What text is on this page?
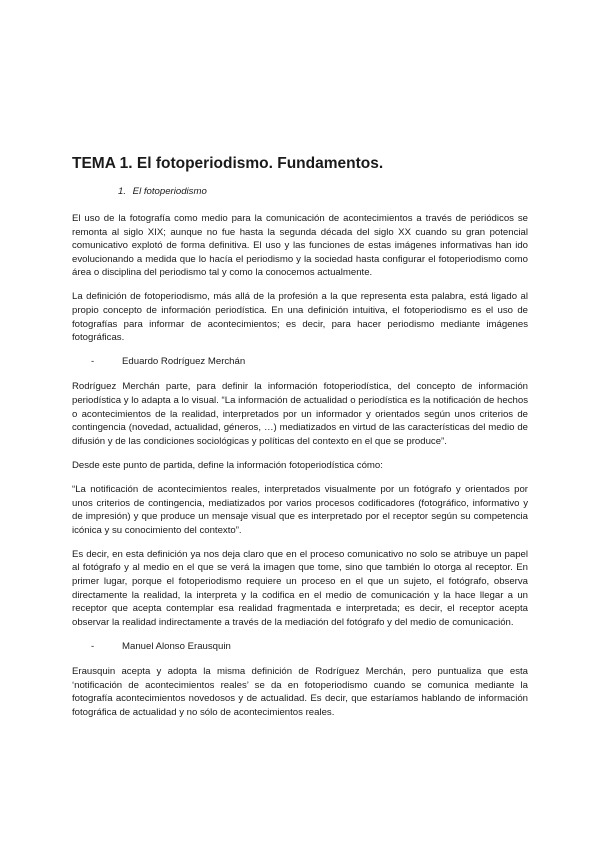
TEMA 1. El fotoperiodismo. Fundamentos.
1. El fotoperiodismo

El uso de la fotografía como medio para la comunicación de acontecimientos a través de periódicos se remonta al siglo XIX; aunque no fue hasta la segunda década del siglo XX cuando su gran potencial comunicativo explotó de forma definitiva. El uso y las funciones de estas imágenes informativas han ido evolucionando a medida que lo hacía el periodismo y la sociedad hasta configurar el fotoperiodismo como área o disciplina del periodismo tal y como la conocemos actualmente.

La definición de fotoperiodismo, más allá de la profesión a la que representa esta palabra, está ligado al propio concepto de información periodística. En una definición intuitiva, el fotoperiodismo es el uso de fotografías para informar de acontecimientos; es decir, para hacer periodismo mediante imágenes fotográficas.

-	Eduardo Rodríguez Merchán

Rodríguez Merchán parte, para definir la información fotoperiodística, del concepto de información periodística y lo adapta a lo visual. “La información de actualidad o periodística es la notificación de hechos o acontecimientos de la realidad, interpretados por un informador y orientados según unos criterios de contingencia (novedad, actualidad, géneros, …) mediatizados en virtud de las características del medio de difusión y de las condiciones sociológicas y políticas del contexto en el que se produce”.

Desde este punto de partida, define la información fotoperiodística cómo:

“La notificación de acontecimientos reales, interpretados visualmente por un fotógrafo y orientados por unos criterios de contingencia, mediatizados por varios procesos codificadores (fotográfico, informativo y de impresión) y que produce un mensaje visual que es interpretado por el receptor según su competencia icónica y su conocimiento del contexto”.

Es decir, en esta definición ya nos deja claro que en el proceso comunicativo no solo se atribuye un papel al fotógrafo y al medio en el que se verá la imagen que tome, sino que también lo otorga al receptor. En primer lugar, porque el fotoperiodismo requiere un proceso en el que un sujeto, el fotógrafo, observa directamente la realidad, la interpreta y la codifica en el medio de comunicación y la hace llegar a un receptor que acepta contemplar esa realidad fragmentada e interpretada; es decir, el receptor acepta observar la realidad indirectamente a través de la mediación del fotógrafo y del medio de comunicación.

-	Manuel Alonso Erausquin

Erausquin acepta y adopta la misma definición de Rodríguez Merchán, pero puntualiza que esta ‘notificación de acontecimientos reales’ se da en fotoperiodismo cuando se comunica mediante la fotografía acontecimientos novedosos y de actualidad. Es decir, que estaríamos hablando de información fotográfica de actualidad y no sólo de acontecimientos reales.
